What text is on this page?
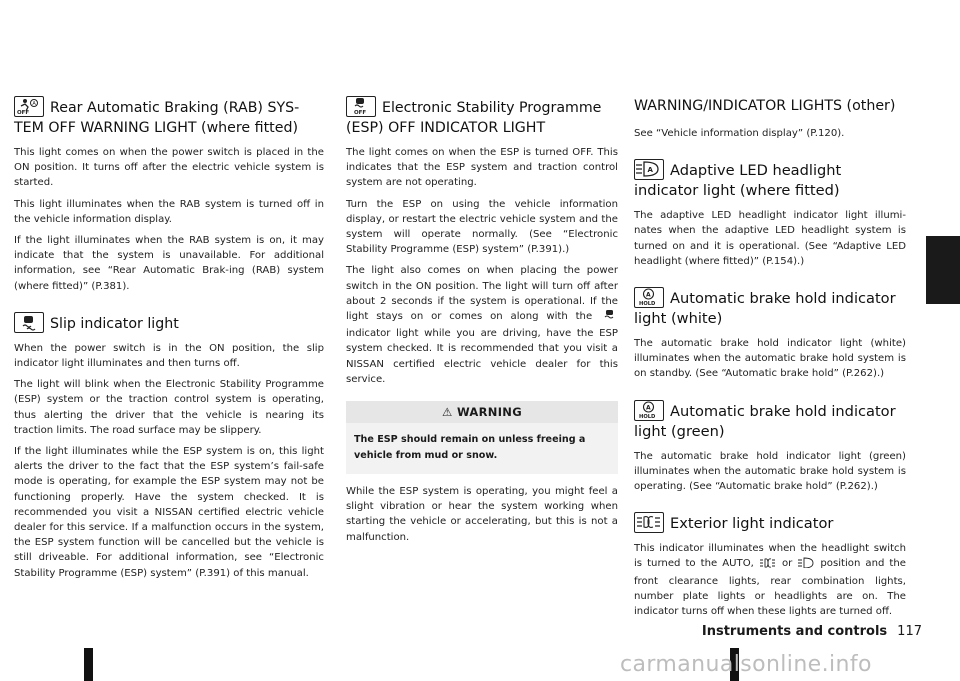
A
OFF Rear Automatic Braking (RAB) SYS-TEM OFF WARNING LIGHT (where fitted)

This light comes on when the power switch is placed in the ON position. It turns off after the electric vehicle system is started.

This light illuminates when the RAB system is turned off in the vehicle information display.

If the light illuminates when the RAB system is on, it may indicate that the system is unavailable. For additional information, see “Rear Automatic Brak-ing (RAB) system (where fitted)” (P.381).

Slip indicator light

When the power switch is in the ON position, the slip indicator light illuminates and then turns off.

The light will blink when the Electronic Stability Programme (ESP) system or the traction control system is operating, thus alerting the driver that the vehicle is nearing its traction limits. The road surface may be slippery.

If the light illuminates while the ESP system is on, this light alerts the driver to the fact that the ESP system’s fail-safe mode is operating, for example the ESP system may not be functioning properly. Have the system checked. It is recommended you visit a NISSAN certified electric vehicle dealer for this service. If a malfunction occurs in the system, the ESP system function will be cancelled but the vehicle is still driveable. For additional information, see “Electronic Stability Programme (ESP) system” (P.391) of this manual.

OFF Electronic Stability Programme (ESP) OFF INDICATOR LIGHT

The light comes on when the ESP is turned OFF. This indicates that the ESP system and traction control system are not operating.

Turn the ESP on using the vehicle information display, or restart the electric vehicle system and the system will operate normally. (See “Electronic Stability Programme (ESP) system” (P.391).)

The light also comes on when placing the power switch in the ON position. The light will turn off after about 2 seconds if the system is operational. If the light stays on or comes on along with the  indicator light while you are driving, have the ESP system checked. It is recommended that you visit a NISSAN certified electric vehicle dealer for this service.

⚠ WARNING
The ESP should remain on unless freeing a vehicle from mud or snow.

While the ESP system is operating, you might feel a slight vibration or hear the system working when starting the vehicle or accelerating, but this is not a malfunction.

WARNING/INDICATOR LIGHTS (other)

See “Vehicle information display” (P.120).

A Adaptive LED headlight indicator light (where fitted)

The adaptive LED headlight indicator light illumi-nates when the adaptive LED headlight system is turned on and it is operational. (See “Adaptive LED headlight (where fitted)” (P.154).)

A
HOLD Automatic brake hold indicator light (white)

The automatic brake hold indicator light (white) illuminates when the automatic brake hold system is on standby. (See “Automatic brake hold” (P.262).)

A
HOLD Automatic brake hold indicator light (green)

The automatic brake hold indicator light (green) illuminates when the automatic brake hold system is operating. (See “Automatic brake hold” (P.262).)

Exterior light indicator

This indicator illuminates when the headlight switch is turned to the AUTO,	or	position and the front clearance lights, rear combination lights, number plate lights or headlights are on. The indicator turns off when these lights are turned off.

Instruments and controls 117
carmanualsonline.info
